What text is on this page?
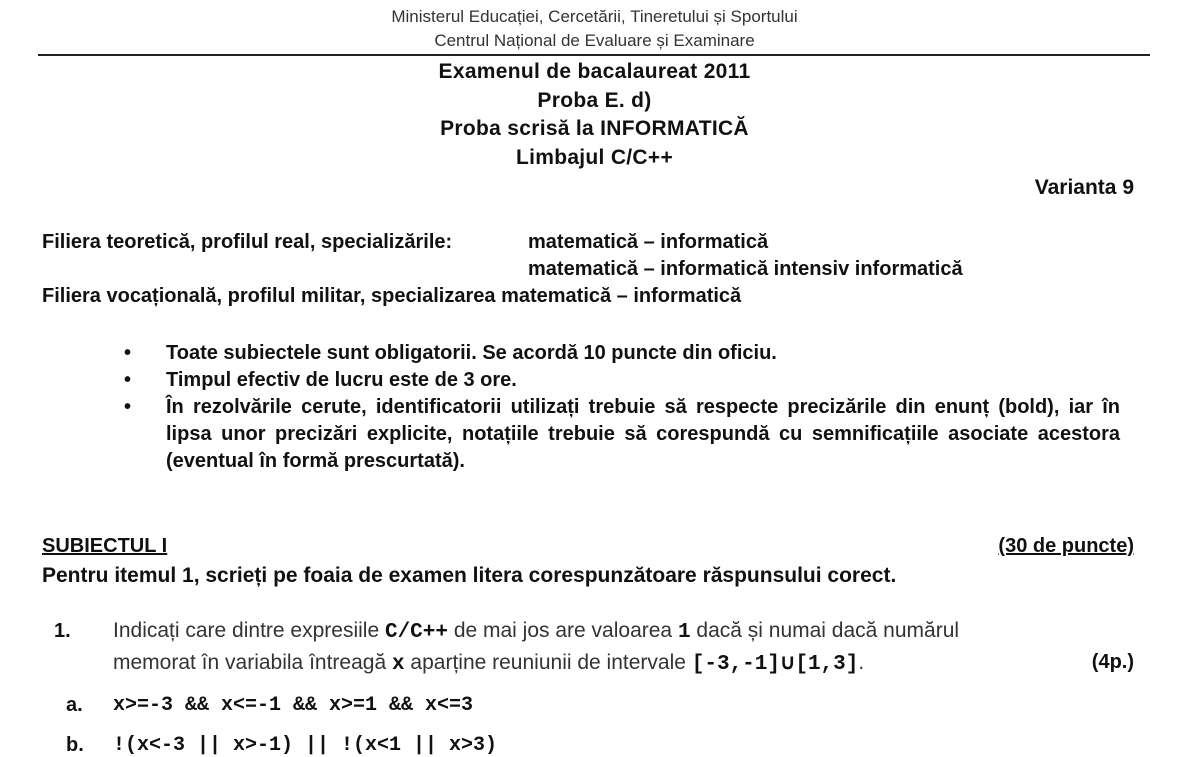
Ministerul Educației, Cercetării, Tineretului și Sportului
Centrul Național de Evaluare și Examinare
Examenul de bacalaureat 2011
Proba E. d)
Proba scrisă la INFORMATICĂ
Limbajul C/C++
Varianta 9
Filiera teoretică, profilul real, specializările:	matematică – informatică
matematică – informatică intensiv informatică
Filiera vocațională, profilul militar, specializarea matematică – informatică
• Toate subiectele sunt obligatorii. Se acordă 10 puncte din oficiu.
• Timpul efectiv de lucru este de 3 ore.
• În rezolvările cerute, identificatorii utilizați trebuie să respecte precizările din enunț (bold), iar în lipsa unor precizări explicite, notațiile trebuie să corespundă cu semnificațiile asociate acestora (eventual în formă prescurtată).
SUBIECTUL I	(30 de puncte)
Pentru itemul 1, scrieți pe foaia de examen litera corespunzătoare răspunsului corect.
1. Indicați care dintre expresiile C/C++ de mai jos are valoarea 1 dacă și numai dacă numărul
memorat în variabila întreagă x aparține reuniunii de intervale [-3,-1]∪[1,3].	(4p.)
a. x>=-3 && x<=-1 && x>=1 && x<=3
b. !(x<-3 || x>-1) || !(x<1 || x>3)
